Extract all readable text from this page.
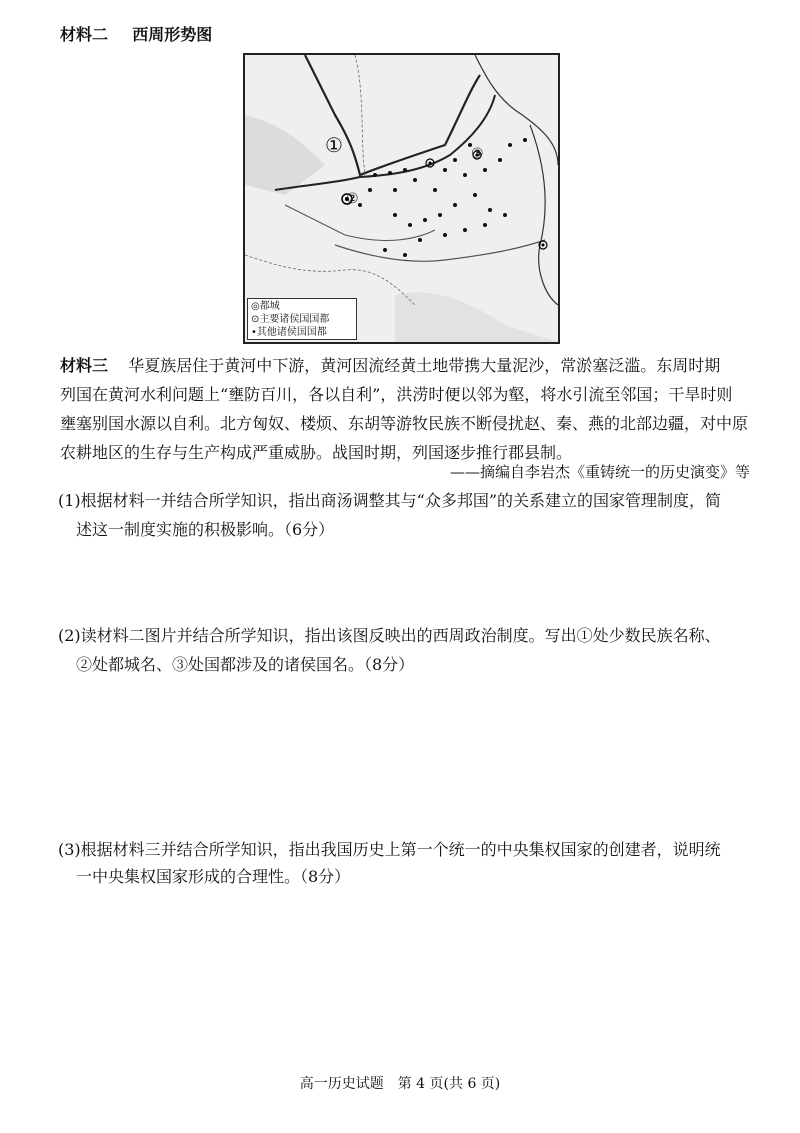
材料二 西周形势图
①
②
③
◎都城
⊙主要诸侯国国都
•其他诸侯国国都
材料三 华夏族居住于黄河中下游，黄河因流经黄土地带携大量泥沙，常淤塞泛滥。东周时期
列国在黄河水利问题上“壅防百川，各以自利”，洪涝时便以邻为壑，将水引流至邻国；干旱时则
壅塞别国水源以自利。北方匈奴、楼烦、东胡等游牧民族不断侵扰赵、秦、燕的北部边疆，对中原
农耕地区的生存与生产构成严重威胁。战国时期，列国逐步推行郡县制。
——摘编自李岩杰《重铸统一的历史演变》等
(1)根据材料一并结合所学知识，指出商汤调整其与“众多邦国”的关系建立的国家管理制度，简
述这一制度实施的积极影响。（6分）
(2)读材料二图片并结合所学知识，指出该图反映出的西周政治制度。写出①处少数民族名称、
②处都城名、③处国都涉及的诸侯国名。（8分）
(3)根据材料三并结合所学知识，指出我国历史上第一个统一的中央集权国家的创建者，说明统
一中央集权国家形成的合理性。（8分）
高一历史试题　第 4 页(共 6 页)
